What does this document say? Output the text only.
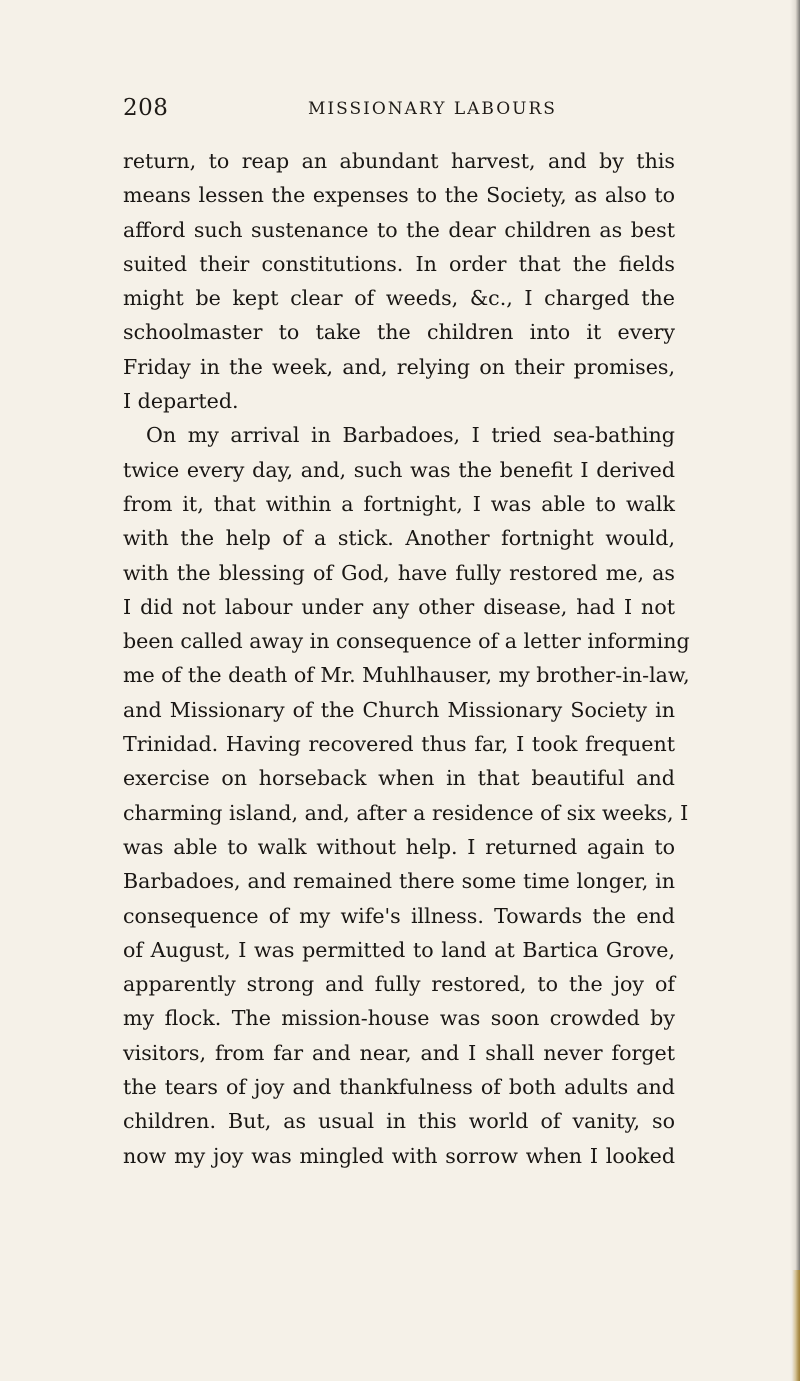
208	MISSIONARY LABOURS
return, to reap an abundant harvest, and by this
means lessen the expenses to the Society, as also to
afford such sustenance to the dear children as best
suited their constitutions. In order that the fields
might be kept clear of weeds, &c., I charged the
schoolmaster to take the children into it every
Friday in the week, and, relying on their promises,
I departed.
On my arrival in Barbadoes, I tried sea-bathing
twice every day, and, such was the benefit I derived
from it, that within a fortnight, I was able to walk
with the help of a stick. Another fortnight would,
with the blessing of God, have fully restored me, as
I did not labour under any other disease, had I not
been called away in consequence of a letter informing
me of the death of Mr. Muhlhauser, my brother-in-law,
and Missionary of the Church Missionary Society in
Trinidad. Having recovered thus far, I took frequent
exercise on horseback when in that beautiful and
charming island, and, after a residence of six weeks, I
was able to walk without help. I returned again to
Barbadoes, and remained there some time longer, in
consequence of my wife's illness. Towards the end
of August, I was permitted to land at Bartica Grove,
apparently strong and fully restored, to the joy of
my flock. The mission-house was soon crowded by
visitors, from far and near, and I shall never forget
the tears of joy and thankfulness of both adults and
children. But, as usual in this world of vanity, so
now my joy was mingled with sorrow when I looked
